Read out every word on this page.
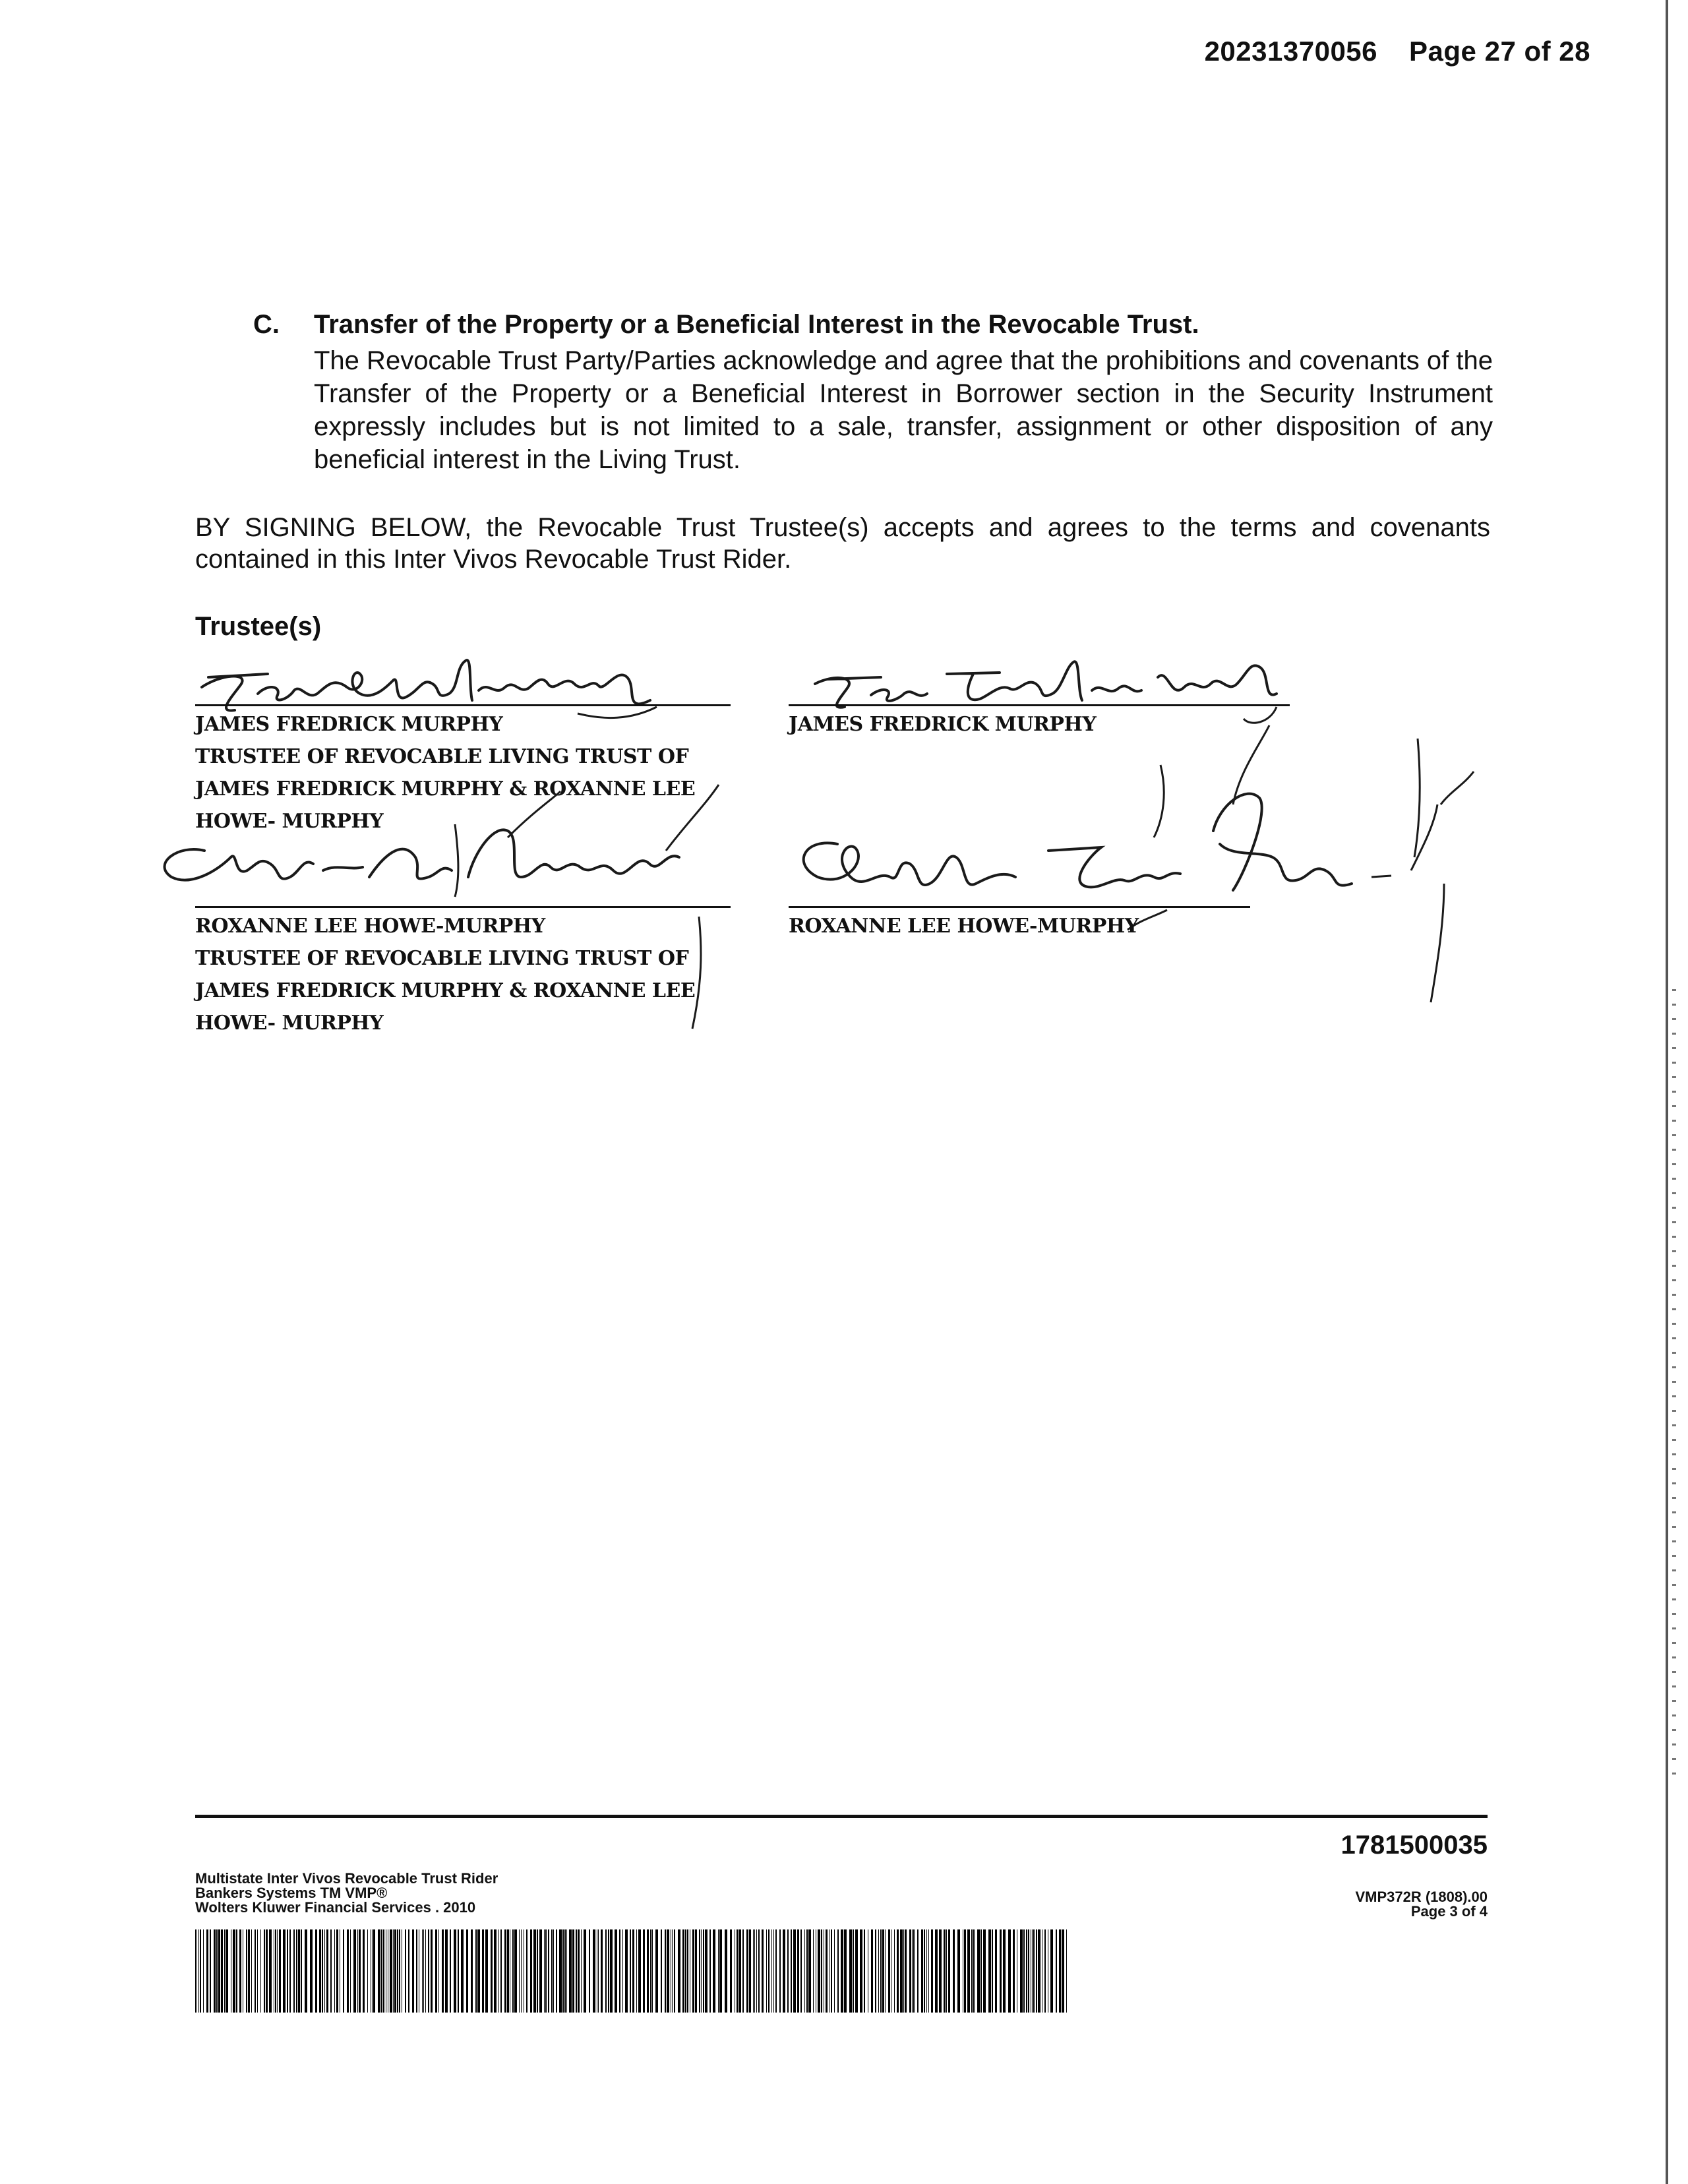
20231370056 Page 27 of 28
C. Transfer of the Property or a Beneficial Interest in the Revocable Trust.
The Revocable Trust Party/Parties acknowledge and agree that the prohibitions and covenants of the Transfer of the Property or a Beneficial Interest in Borrower section in the Security Instrument expressly includes but is not limited to a sale, transfer, assignment or other disposition of any beneficial interest in the Living Trust.
BY SIGNING BELOW, the Revocable Trust Trustee(s) accepts and agrees to the terms and covenants contained in this Inter Vivos Revocable Trust Rider.
Trustee(s)
JAMES FREDRICK MURPHY
TRUSTEE OF REVOCABLE LIVING TRUST OF
JAMES FREDRICK MURPHY & ROXANNE LEE
HOWE- MURPHY
JAMES FREDRICK MURPHY
ROXANNE LEE HOWE-MURPHY
TRUSTEE OF REVOCABLE LIVING TRUST OF
JAMES FREDRICK MURPHY & ROXANNE LEE
HOWE- MURPHY
ROXANNE LEE HOWE-MURPHY
1781500035
Multistate Inter Vivos Revocable Trust Rider
Bankers Systems TM VMP®
Wolters Kluwer Financial Services . 2010
VMP372R (1808).00
Page 3 of 4
